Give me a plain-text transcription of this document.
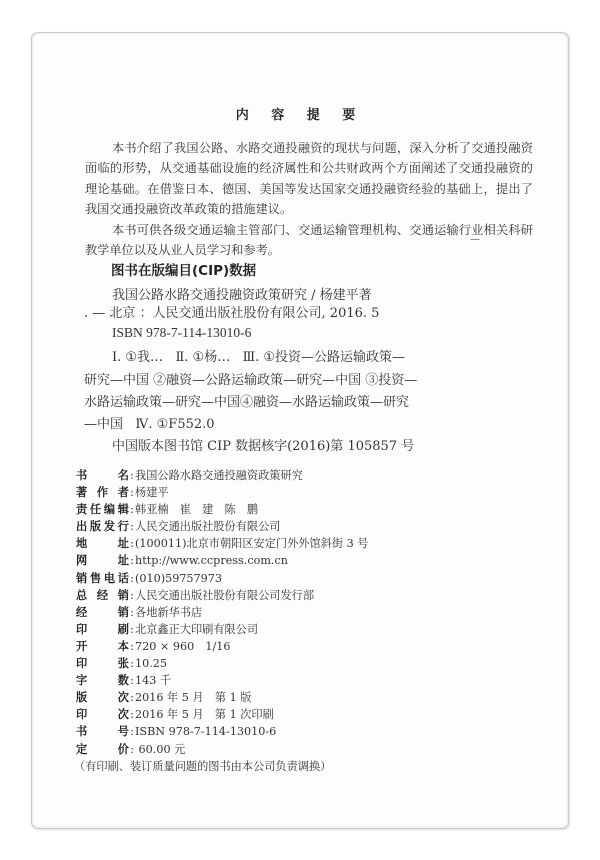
内 容 提 要

本书介绍了我国公路、水路交通投融资的现状与问题，深入分析了交通投融资面临的形势，从交通基础设施的经济属性和公共财政两个方面阐述了交通投融资的理论基础。在借鉴日本、德国、美国等发达国家交通投融资经验的基础上，提出了我国交通投融资改革政策的措施建议。

本书可供各级交通运输主管部门、交通运输管理机构、交通运输行业相关科研教学单位以及从业人员学习和参考。

—
图书在版编目(CIP)数据
我国公路水路交通投融资政策研究 / 杨建平著
. — 北京 ：人民交通出版社股份有限公司, 2016. 5
ISBN 978-7-114-13010-6
Ⅰ. ①我…   Ⅱ. ①杨…   Ⅲ. ①投资—公路运输政策—
研究—中国 ②融资—公路运输政策—研究—中国 ③投资—
水路运输政策—研究—中国④融资—水路运输政策—研究
—中国   Ⅳ. ①F552.0
中国版本图书馆 CIP 数据核字(2016)第 105857 号
书	名 : 我国公路水路交通投融资政策研究
著 作 者 : 杨建平
责 任 编 辑 : 韩亚楠　崔　建　陈　鹏
出 版 发 行 : 人民交通出版社股份有限公司
地	址 : (100011)北京市朝阳区安定门外外馆斜街 3 号
网	址 : http://www.ccpress.com.cn
销 售 电 话 : (010)59757973
总 经 销 : 人民交通出版社股份有限公司发行部
经	销 : 各地新华书店
印	刷 : 北京鑫正大印刷有限公司
开	本 : 720 × 960　1/16
印	张 : 10.25
字	数 : 143 千
版	次 : 2016 年 5 月　第 1 版
印	次 : 2016 年 5 月　第 1 次印刷
书	号 : ISBN 978-7-114-13010-6
定	价 : 60.00 元
（有印刷、装订质量问题的图书由本公司负责调换）
